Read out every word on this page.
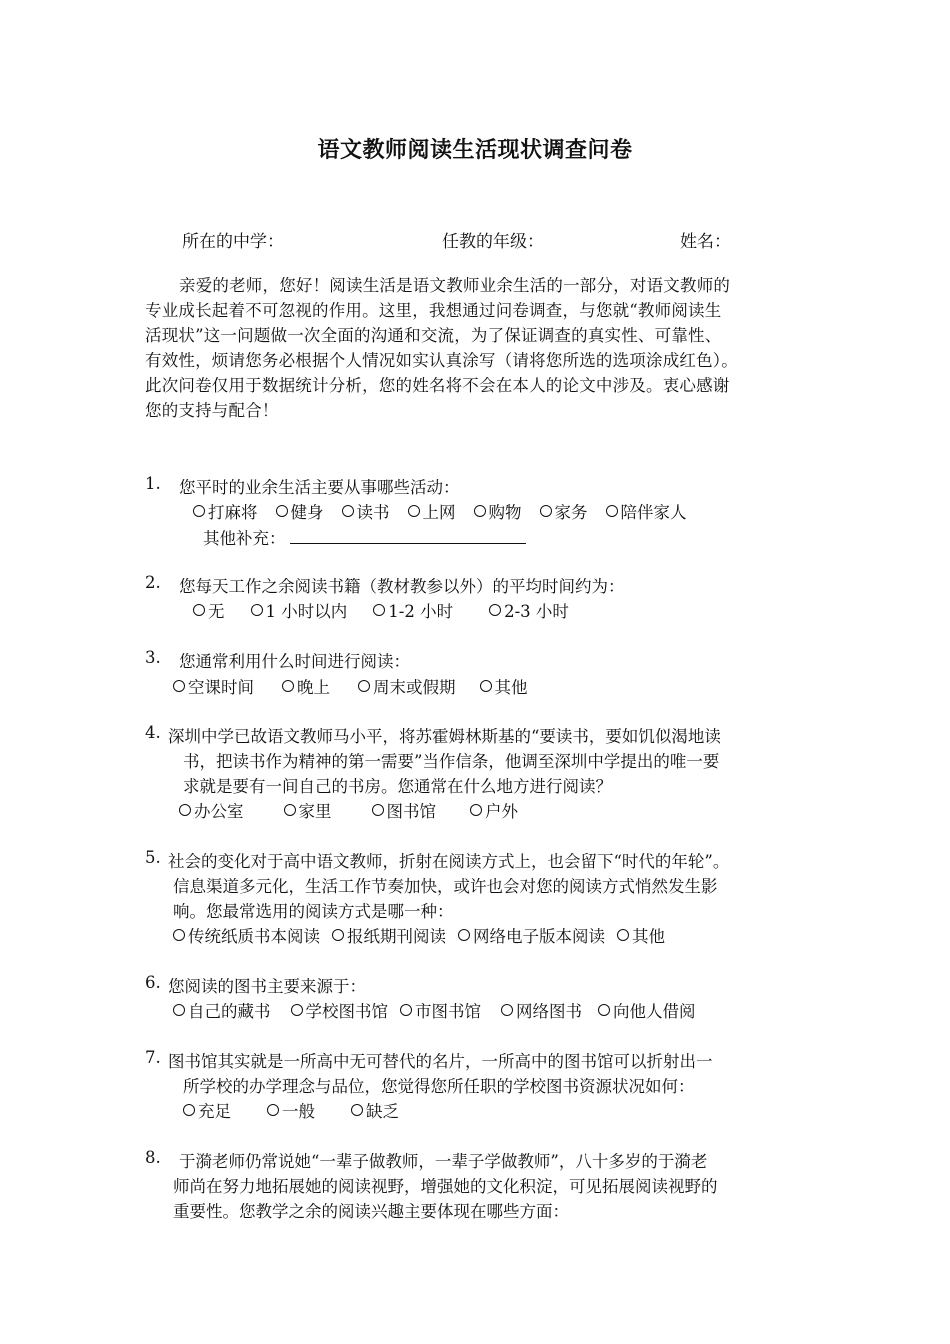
语文教师阅读生活现状调查问卷
所在的中学：	任教的年级：	姓名：
亲爱的老师，您好！阅读生活是语文教师业余生活的一部分，对语文教师的
专业成长起着不可忽视的作用。这里，我想通过问卷调查，与您就“教师阅读生
活现状”这一问题做一次全面的沟通和交流，为了保证调查的真实性、可靠性、
有效性，烦请您务必根据个人情况如实认真涂写（请将您所选的选项涂成红色）。
此次问卷仅用于数据统计分析，您的姓名将不会在本人的论文中涉及。衷心感谢
您的支持与配合！
1. 您平时的业余生活主要从事哪些活动：
打麻将 健身 读书 上网 购物 家务 陪伴家人
其他补充：
2. 您每天工作之余阅读书籍（教材教参以外）的平均时间约为：
无 1 小时以内 1-2 小时	2-3 小时
3. 您通常利用什么时间进行阅读：
空课时间	晚上	周末或假期 其他
4. 深圳中学已故语文教师马小平，将苏霍姆林斯基的“要读书，要如饥似渴地读
书，把读书作为精神的第一需要”当作信条，他调至深圳中学提出的唯一要
求就是要有一间自己的书房。您通常在什么地方进行阅读？
办公室	家里	图书馆	户外
5. 社会的变化对于高中语文教师，折射在阅读方式上，也会留下“时代的年轮”。
信息渠道多元化，生活工作节奏加快，或许也会对您的阅读方式悄然发生影
响。您最常选用的阅读方式是哪一种：
传统纸质书本阅读 报纸期刊阅读 网络电子版本阅读 其他
6. 您阅读的图书主要来源于：
自己的藏书 学校图书馆 市图书馆 网络图书 向他人借阅
7. 图书馆其实就是一所高中无可替代的名片，一所高中的图书馆可以折射出一
所学校的办学理念与品位，您觉得您所任职的学校图书资源状况如何：
充足	一般	缺乏
8. 于漪老师仍常说她“一辈子做教师，一辈子学做教师”，八十多岁的于漪老
师尚在努力地拓展她的阅读视野，增强她的文化积淀，可见拓展阅读视野的
重要性。您教学之余的阅读兴趣主要体现在哪些方面：
